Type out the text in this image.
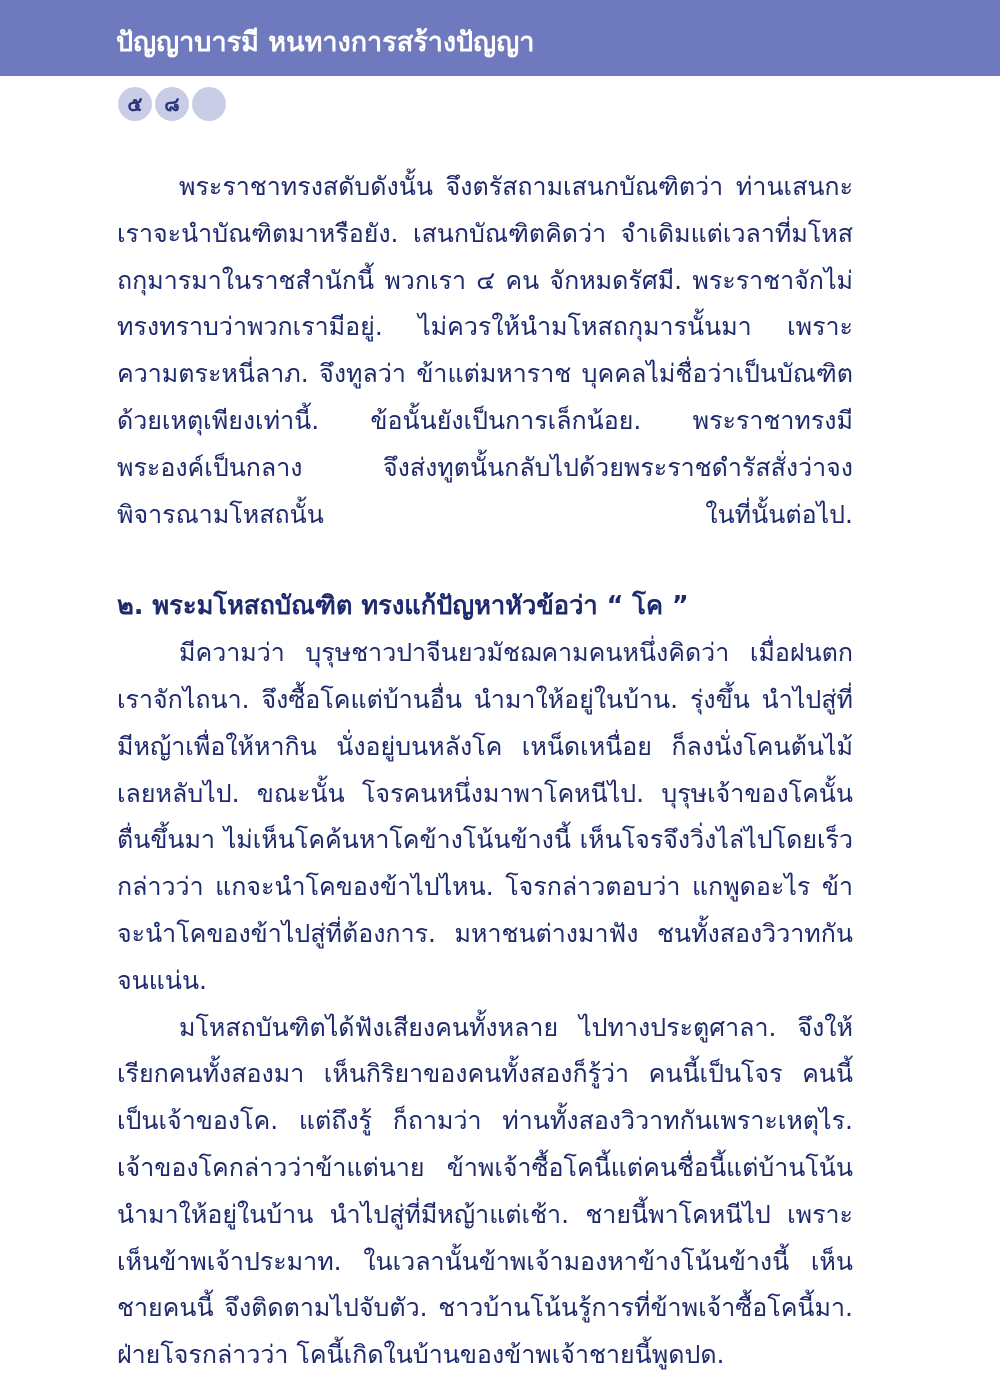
ปัญญาบารมี หนทางการสร้างปัญญา
๕	๘

พระราชาทรงสดับดังนั้น จึงตรัสถามเสนกบัณฑิตว่า ท่านเสนกะเราจะนำบัณฑิตมาหรือยัง. เสนกบัณฑิตคิดว่า จำเดิมแต่เวลาที่มโหสถกุมารมาในราชสำนักนี้ พวกเรา ๔ คน จักหมดรัศมี. พระราชาจักไม่ทรงทราบว่าพวกเรามีอยู่. ไม่ควรให้นำมโหสถกุมารนั้นมา เพราะความตระหนี่ลาภ. จึงทูลว่า ข้าแต่มหาราช บุคคลไม่ชื่อว่าเป็นบัณฑิต ด้วยเหตุเพียงเท่านี้. ข้อนั้นยังเป็นการเล็กน้อย. พระราชาทรงมีพระองค์เป็นกลาง จึงส่งทูตนั้นกลับไปด้วยพระราชดำรัสสั่งว่าจงพิจารณามโหสถนั้น ในที่นั้นต่อไป.

๒. พระมโหสถบัณฑิต ทรงแก้ปัญหาหัวข้อว่า “ โค ”

มีความว่า บุรุษชาวปาจีนยวมัชฌคามคนหนึ่งคิดว่า เมื่อฝนตกเราจักไถนา. จึงซื้อโคแต่บ้านอื่น นำมาให้อยู่ในบ้าน. รุ่งขึ้น นำไปสู่ที่มีหญ้าเพื่อให้หากิน นั่งอยู่บนหลังโค เหน็ดเหนื่อย ก็ลงนั่งโคนต้นไม้เลยหลับไป. ขณะนั้น โจรคนหนึ่งมาพาโคหนีไป. บุรุษเจ้าของโคนั้นตื่นขึ้นมา ไม่เห็นโคค้นหาโคข้างโน้นข้างนี้ เห็นโจรจึงวิ่งไล่ไปโดยเร็วกล่าวว่า แกจะนำโคของข้าไปไหน. โจรกล่าวตอบว่า แกพูดอะไร ข้าจะนำโคของข้าไปสู่ที่ต้องการ. มหาชนต่างมาฟัง ชนทั้งสองวิวาทกันจนแน่น.

มโหสถบันฑิตได้ฟังเสียงคนทั้งหลาย ไปทางประตูศาลา. จึงให้เรียกคนทั้งสองมา เห็นกิริยาของคนทั้งสองก็รู้ว่า คนนี้เป็นโจร คนนี้เป็นเจ้าของโค. แต่ถึงรู้ ก็ถามว่า ท่านทั้งสองวิวาทกันเพราะเหตุไร. เจ้าของโคกล่าวว่าข้าแต่นาย ข้าพเจ้าซื้อโคนี้แต่คนชื่อนี้แต่บ้านโน้น นำมาให้อยู่ในบ้าน นำไปสู่ที่มีหญ้าแต่เช้า. ชายนี้พาโคหนีไป เพราะเห็นข้าพเจ้าประมาท. ในเวลานั้นข้าพเจ้ามองหาข้างโน้นข้างนี้ เห็นชายคนนี้ จึงติดตามไปจับตัว. ชาวบ้านโน้นรู้การที่ข้าพเจ้าซื้อโคนี้มา. ฝ่ายโจรกล่าวว่า โคนี้เกิดในบ้านของข้าพเจ้าชายนี้พูดปด.
